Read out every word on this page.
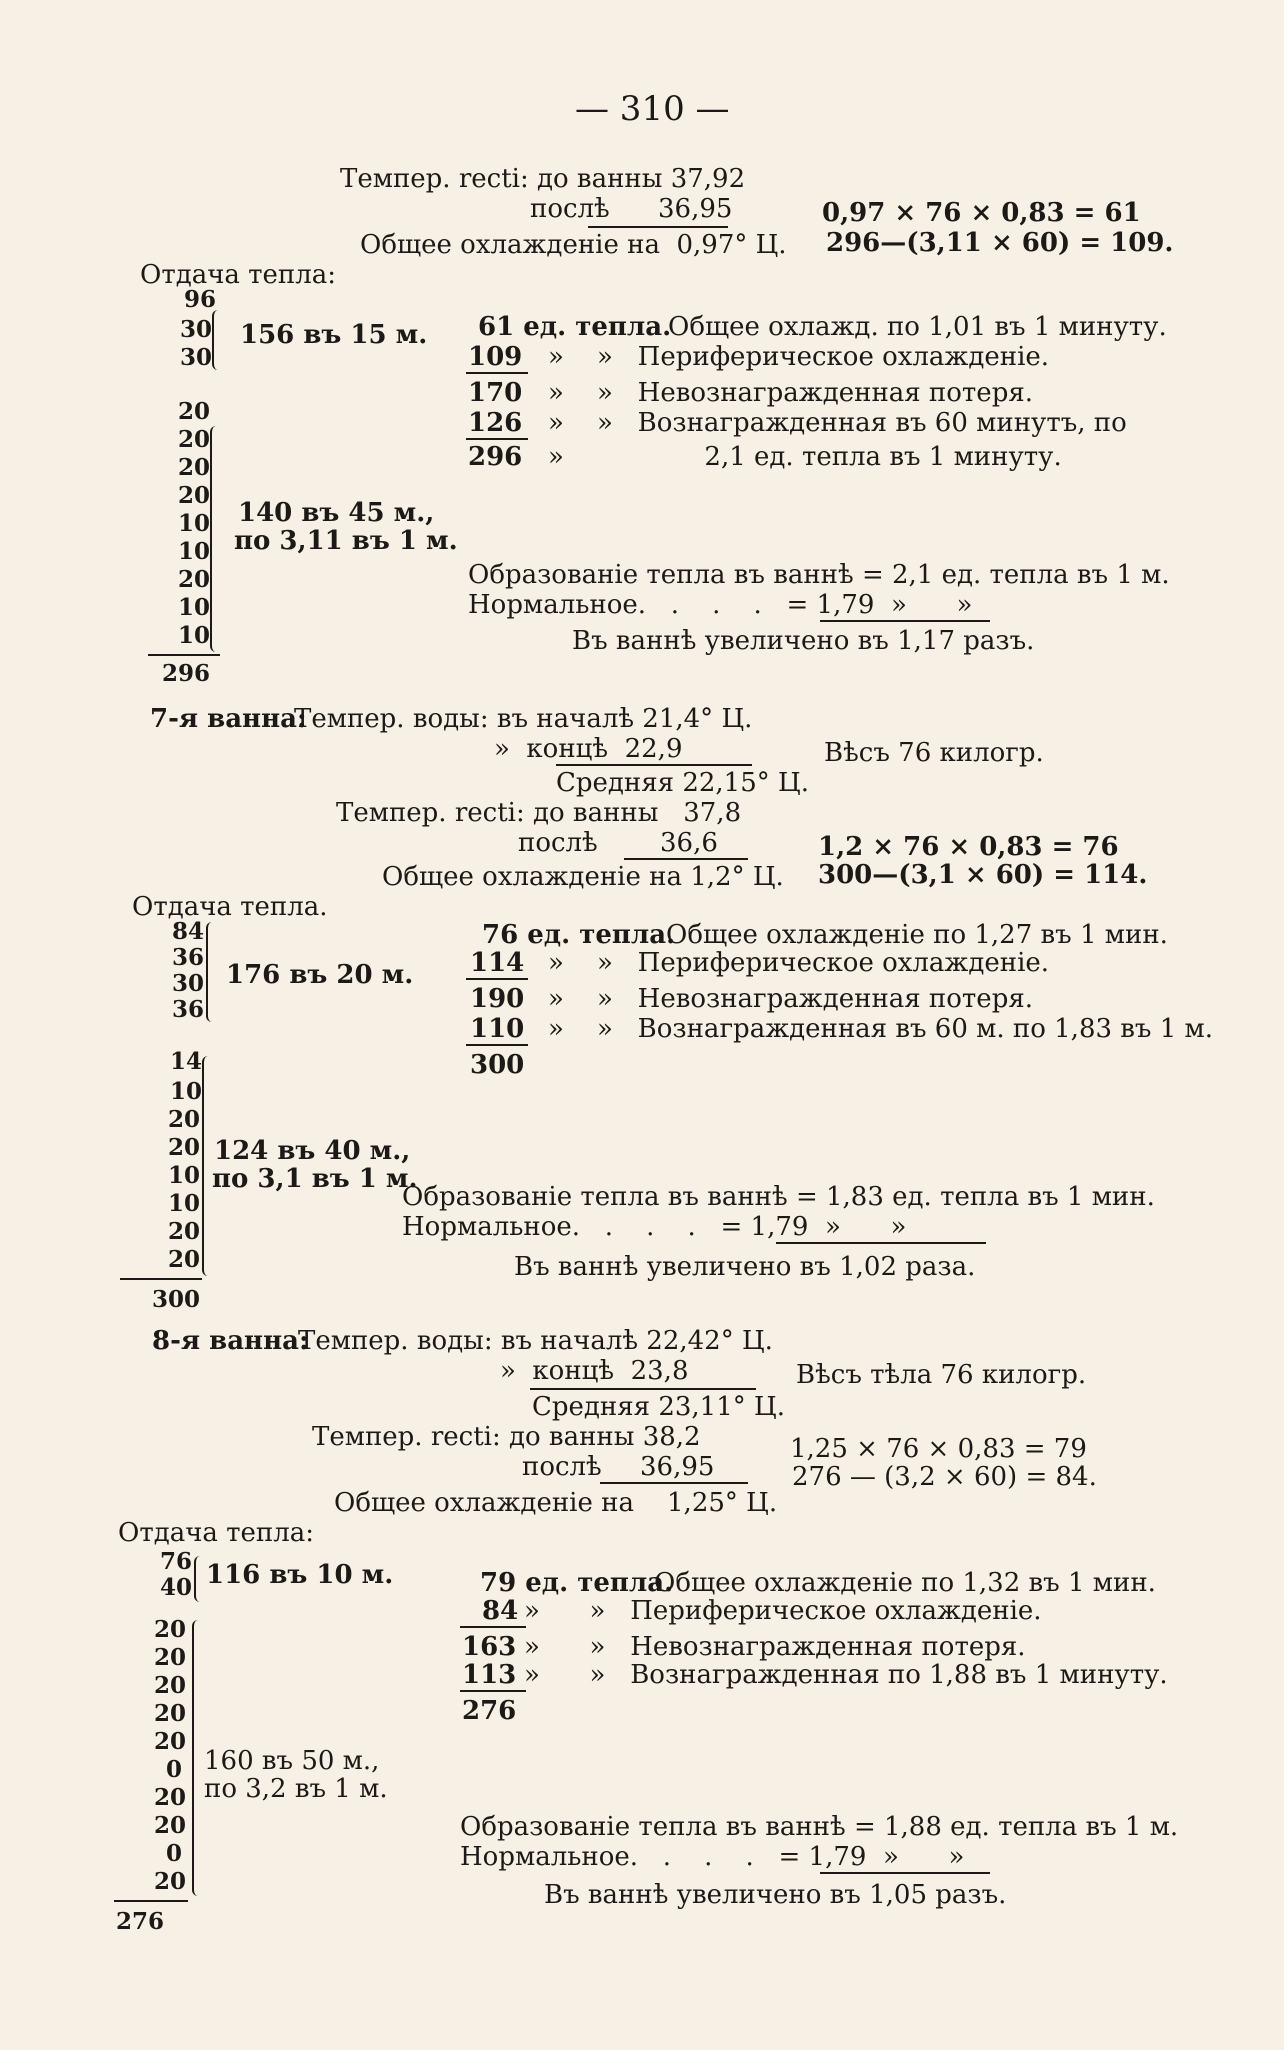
— 310 —
Темпер. recti: до ванны 37,92
послѣ 36,95	0,97 × 76 × 0,83 = 61
Общее охлажденіе на  0,97° Ц. 296—(3,11 × 60) = 109.
Отдача тепла:
96
30
30
20
20
20
20
10
10
20
10
10
296
156 въ 15 м.
140 въ 45 м.,
по 3,11 въ 1 м.
61 ед. тепла.
Общее охлажд. по 1,01 въ 1 минуту.
109 »    »   Периферическое охлажденіе.
170 »    »   Невознагражденная потеря.
126 »    »   Вознагражденная въ 60 минутъ, по
296 »                 2,1 ед. тепла въ 1 минуту.
Образованіе тепла въ ваннѣ = 2,1 ед. тепла въ 1 м.
Нормальное.   .    .    .   = 1,79  »      »
Въ ваннѣ увеличено въ 1,17 разъ.
7-я ванна:
Темпер. воды: въ началѣ 21,4° Ц.
»  концѣ  22,9	Вѣсъ 76 килогр.
Средняя 22,15° Ц.
Темпер. recti: до ванны   37,8
послѣ 36,6	1,2 × 76 × 0,83 = 76
Общее охлажденіе на 1,2° Ц. 300—(3,1 × 60) = 114.
Отдача тепла.
84
36
30
36
14
10
20
20
10
10
20
20
300
176 въ 20 м.
124 въ 40 м.,
по 3,1 въ 1 м.
76 ед. тепла.
Общее охлажденіе по 1,27 въ 1 мин.
114 »    »   Периферическое охлажденіе.
190 »    »   Невознагражденная потеря.
110 »    »   Вознагражденная въ 60 м. по 1,83 въ 1 м.
300
Образованіе тепла въ ваннѣ = 1,83 ед. тепла въ 1 мин.
Нормальное.   .    .    .   = 1,79  »      »
Въ ваннѣ увеличено въ 1,02 раза.
8-я ванна:
Темпер. воды: въ началѣ 22,42° Ц.
»  концѣ  23,8	Вѣсъ тѣла 76 килогр.
Средняя 23,11° Ц.
Темпер. recti: до ванны 38,2
послѣ 36,95
1,25 × 76 × 0,83 = 79
276 — (3,2 × 60) = 84.
Общее охлажденіе на    1,25° Ц.
Отдача тепла:
76
40
20
20
20
20
20
0
20
20
0
20
276
116 въ 10 м.
160 въ 50 м.,
по 3,2 въ 1 м.
79 ед. тепла.
Общее охлажденіе по 1,32 въ 1 мин.
84 »      »   Периферическое охлажденіе.
163 »      »   Невознагражденная потеря.
113 »      »   Вознагражденная по 1,88 въ 1 минуту.
276
Образованіе тепла въ ваннѣ = 1,88 ед. тепла въ 1 м.
Нормальное.   .    .    .   = 1,79  »      »
Въ ваннѣ увеличено въ 1,05 разъ.
